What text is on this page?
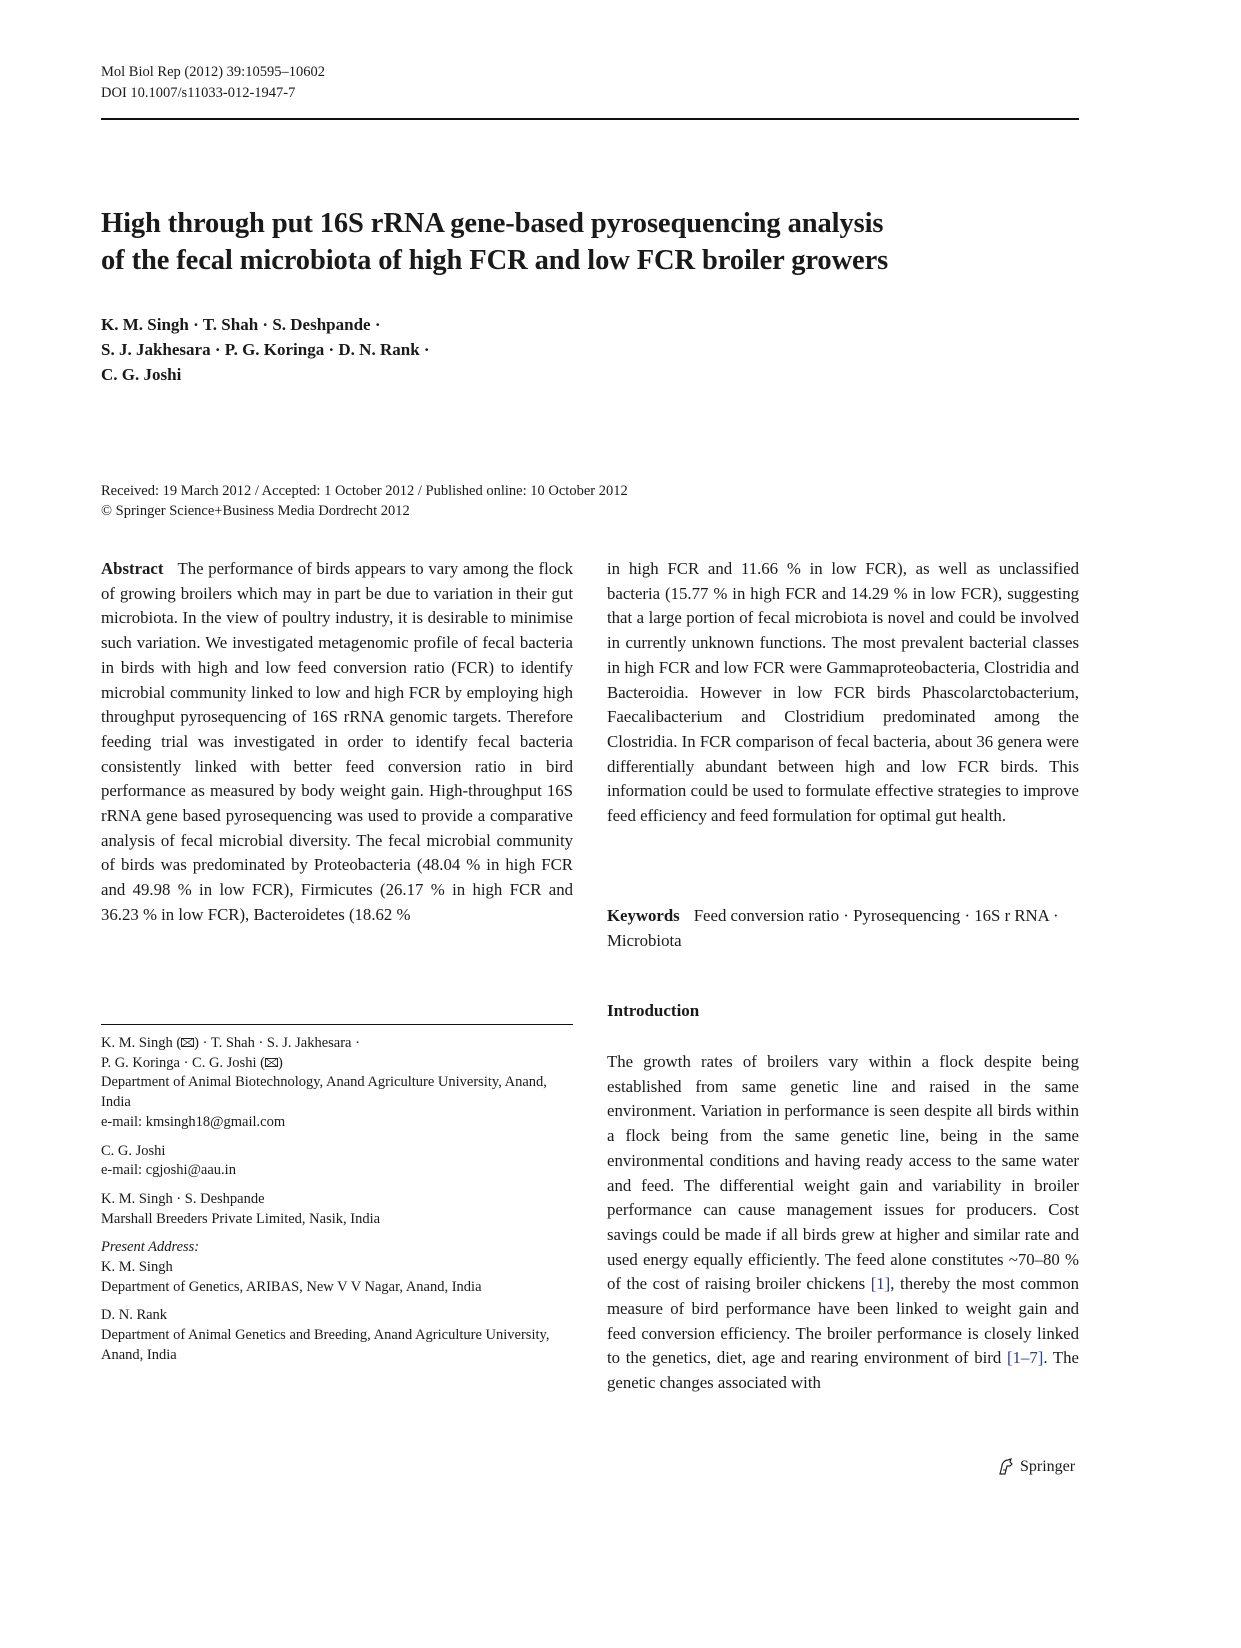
Mol Biol Rep (2012) 39:10595–10602
DOI 10.1007/s11033-012-1947-7
High through put 16S rRNA gene-based pyrosequencing analysis
of the fecal microbiota of high FCR and low FCR broiler growers
K. M. Singh · T. Shah · S. Deshpande ·
S. J. Jakhesara · P. G. Koringa · D. N. Rank ·
C. G. Joshi
Received: 19 March 2012 / Accepted: 1 October 2012 / Published online: 10 October 2012
© Springer Science+Business Media Dordrecht 2012

Abstract The performance of birds appears to vary among the flock of growing broilers which may in part be due to variation in their gut microbiota. In the view of poultry industry, it is desirable to minimise such variation. We investigated metagenomic profile of fecal bacteria in birds with high and low feed conversion ratio (FCR) to identify microbial community linked to low and high FCR by employing high throughput pyrosequencing of 16S rRNA genomic targets. Therefore feeding trial was investigated in order to identify fecal bacteria consistently linked with better feed conversion ratio in bird performance as measured by body weight gain. High-throughput 16S rRNA gene based pyrosequencing was used to provide a comparative analysis of fecal microbial diversity. The fecal microbial community of birds was predominated by Proteobacteria (48.04 % in high FCR and 49.98 % in low FCR), Firmicutes (26.17 % in high FCR and 36.23 % in low FCR), Bacteroidetes (18.62 %

in high FCR and 11.66 % in low FCR), as well as unclassified bacteria (15.77 % in high FCR and 14.29 % in low FCR), suggesting that a large portion of fecal microbiota is novel and could be involved in currently unknown functions. The most prevalent bacterial classes in high FCR and low FCR were Gammaproteobacteria, Clostridia and Bacteroidia. However in low FCR birds Phascolarctobacterium, Faecalibacterium and Clostridium predominated among the Clostridia. In FCR comparison of fecal bacteria, about 36 genera were differentially abundant between high and low FCR birds. This information could be used to formulate effective strategies to improve feed efficiency and feed formulation for optimal gut health.

Keywords Feed conversion ratio · Pyrosequencing · 16S r RNA · Microbiota
K. M. Singh ( ) · T. Shah · S. J. Jakhesara ·
P. G. Koringa · C. G. Joshi ( )
Department of Animal Biotechnology, Anand Agriculture University, Anand, India
e-mail: kmsingh18@gmail.com
C. G. Joshi
e-mail: cgjoshi@aau.in
K. M. Singh · S. Deshpande
Marshall Breeders Private Limited, Nasik, India
Present Address:
K. M. Singh
Department of Genetics, ARIBAS, New V V Nagar, Anand, India
D. N. Rank
Department of Animal Genetics and Breeding, Anand Agriculture University, Anand, India
Introduction

The growth rates of broilers vary within a flock despite being established from same genetic line and raised in the same environment. Variation in performance is seen despite all birds within a flock being from the same genetic line, being in the same environmental conditions and having ready access to the same water and feed. The differential weight gain and variability in broiler performance can cause management issues for producers. Cost savings could be made if all birds grew at higher and similar rate and used energy equally efficiently. The feed alone constitutes ~70–80 % of the cost of raising broiler chickens [1], thereby the most common measure of bird performance have been linked to weight gain and feed conversion efficiency. The broiler performance is closely linked to the genetics, diet, age and rearing environment of bird [1–7]. The genetic changes associated with

Springer
